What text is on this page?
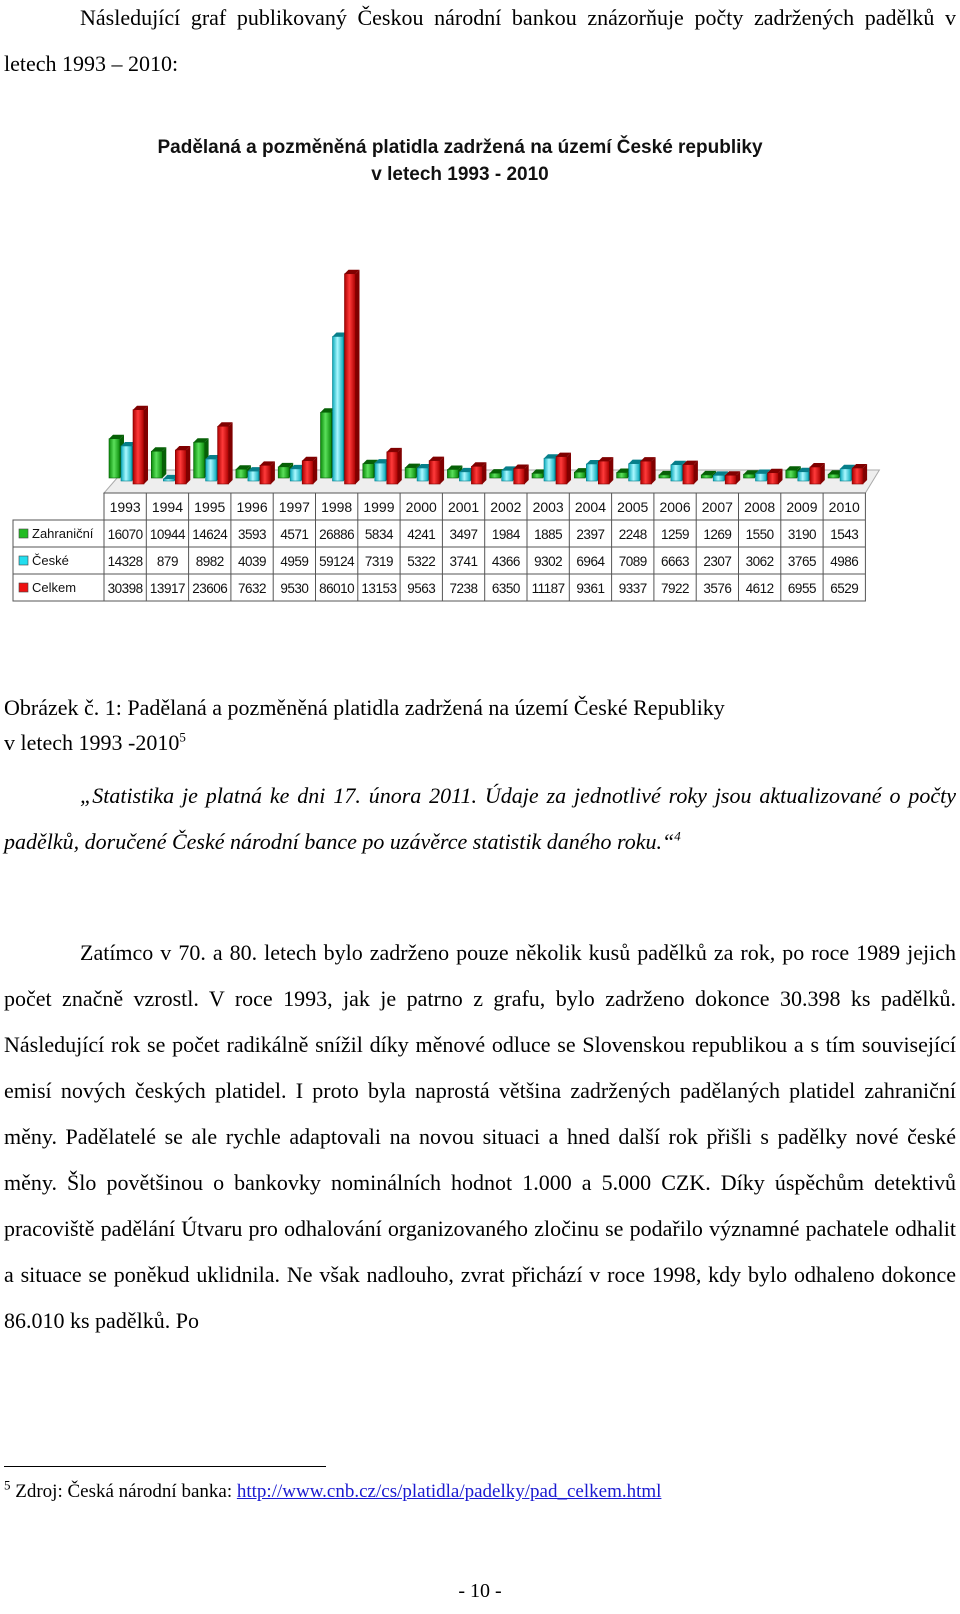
Následující graf publikovaný Českou národní bankou znázorňuje počty zadržených padělků v letech 1993 – 2010:

Padělaná a pozměněná platidla zadržená na území České republiky
v letech 1993 - 2010
1993 1994 1995 1996 1997 1998 1999 2000 2001 2002 2003 2004 2005 2006 2007 2008 2009 2010
Zahraniční 16070 10944 14624 3593 4571 26886 5834 4241 3497 1984 1885 2397 2248 1259 1269 1550 3190 1543
České	14328 879 8982 4039 4959 59124 7319 5322 3741 4366 9302 6964 7089 6663 2307 3062 3765 4986
Celkem 30398 13917 23606 7632 9530 86010 13153 9563 7238 6350 11187 9361 9337 7922 3576 4612 6955 6529

Obrázek č. 1: Padělaná a pozměněná platidla zadržená na území České Republiky
v letech 1993 -2010$^5$

„Statistika je platná ke dni 17. února 2011. Údaje za jednotlivé roky jsou aktualizované o počty padělků, doručené České národní bance po uzávěrce statistik daného roku.“$^4$

Zatímco v 70. a 80. letech bylo zadrženo pouze několik kusů padělků za rok, po roce 1989 jejich počet značně vzrostl. V roce 1993, jak je patrno z grafu, bylo zadrženo dokonce 30.398 ks padělků. Následující rok se počet radikálně snížil díky měnové odluce se Slovenskou republikou a s tím související emisí nových českých platidel. I proto byla naprostá většina zadržených padělaných platidel zahraniční měny. Padělatelé se ale rychle adaptovali na novou situaci a hned další rok přišli s padělky nové české měny. Šlo povětšinou o bankovky nominálních hodnot 1.000 a 5.000 CZK. Díky úspěchům detektivů pracoviště padělání Útvaru pro odhalování organizovaného zločinu se podařilo významné pachatele odhalit a situace se poněkud uklidnila. Ne však nadlouho, zvrat přichází v roce 1998, kdy bylo odhaleno dokonce 86.010 ks padělků. Po

$^5$ Zdroj: Česká národní banka: http://www.cnb.cz/cs/platidla/padelky/pad_celkem.html

- 10 -
